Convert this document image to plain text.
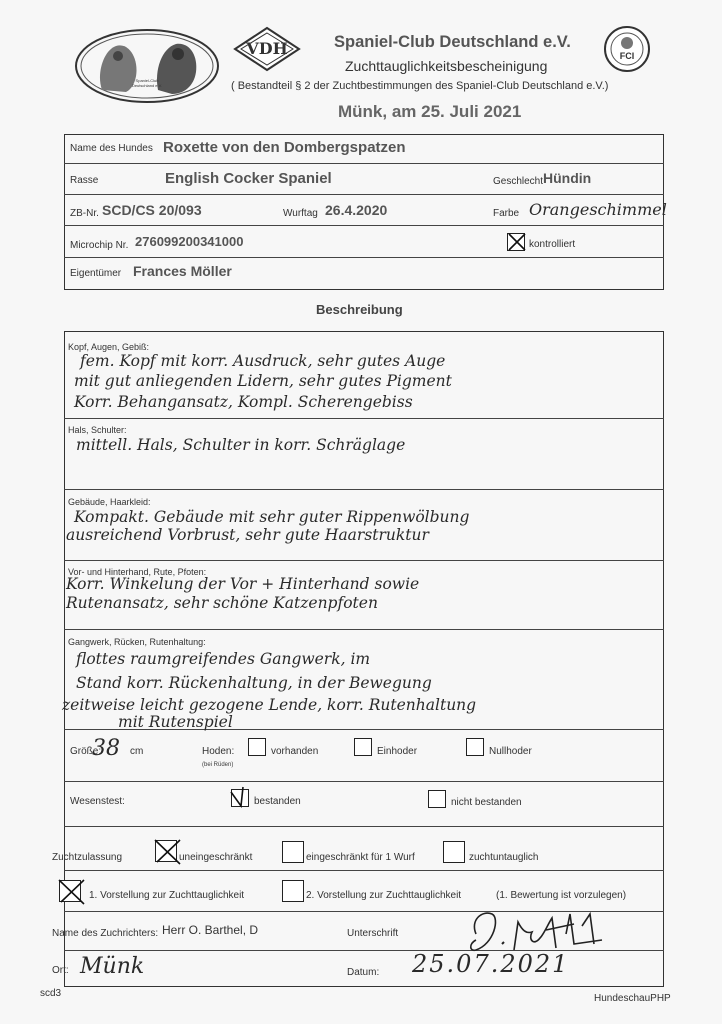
Spaniel-Club Deutschland e.V.
VDH	Spaniel-Club Deutschland e.V.
FCI
Zuchttauglichkeitsbescheinigung
( Bestandteil § 2 der Zuchtbestimmungen des Spaniel-Club Deutschland e.V.)
Münk, am 25. Juli 2021
Name des Hundes Roxette von den Dombergspatzen
Rasse	English Cocker Spaniel	Geschlecht Hündin
ZB-Nr. SCD/CS 20/093	Wurftag 26.4.2020	Farbe Orangeschimmel
Microchip Nr. 276099200341000	kontrolliert
Eigentümer Frances Möller
Beschreibung
Kopf, Augen, Gebiß:
fem. Kopf mit korr. Ausdruck, sehr gutes Auge
mit gut anliegenden Lidern, sehr gutes Pigment
Korr. Behangansatz, Kompl. Scherengebiss
Hals, Schulter:
mittell. Hals, Schulter in korr. Schräglage
Gebäude, Haarkleid:
Kompakt. Gebäude mit sehr guter Rippenwölbung
ausreichend Vorbrust, sehr gute Haarstruktur
Vor- und Hinterhand, Rute, Pfoten:
Korr. Winkelung der Vor + Hinterhand sowie
Rutenansatz, sehr schöne Katzenpfoten
Gangwerk, Rücken, Rutenhaltung:
flottes raumgreifendes Gangwerk, im
Stand korr. Rückenhaltung, in der Bewegung
zeitweise leicht gezogene Lende, korr. Rutenhaltung
mit Rutenspiel
Größe:
38 cm	Hoden:
(bei Rüden)
vorhanden	Einhoder	Nullhoder
Wesenstest:	bestanden	nicht bestanden
Zuchtzulassung	uneingeschränkt	eingeschränkt für 1 Wurf	zuchtuntauglich
1. Vorstellung zur Zuchttauglichkeit	2. Vorstellung zur Zuchttauglichkeit	(1. Bewertung ist vorzulegen)
Name des Zuchrichters: Herr O. Barthel, D	Unterschrift
Ort: Münk	Datum: 25.07.2021
scd3	HundeschauPHP
